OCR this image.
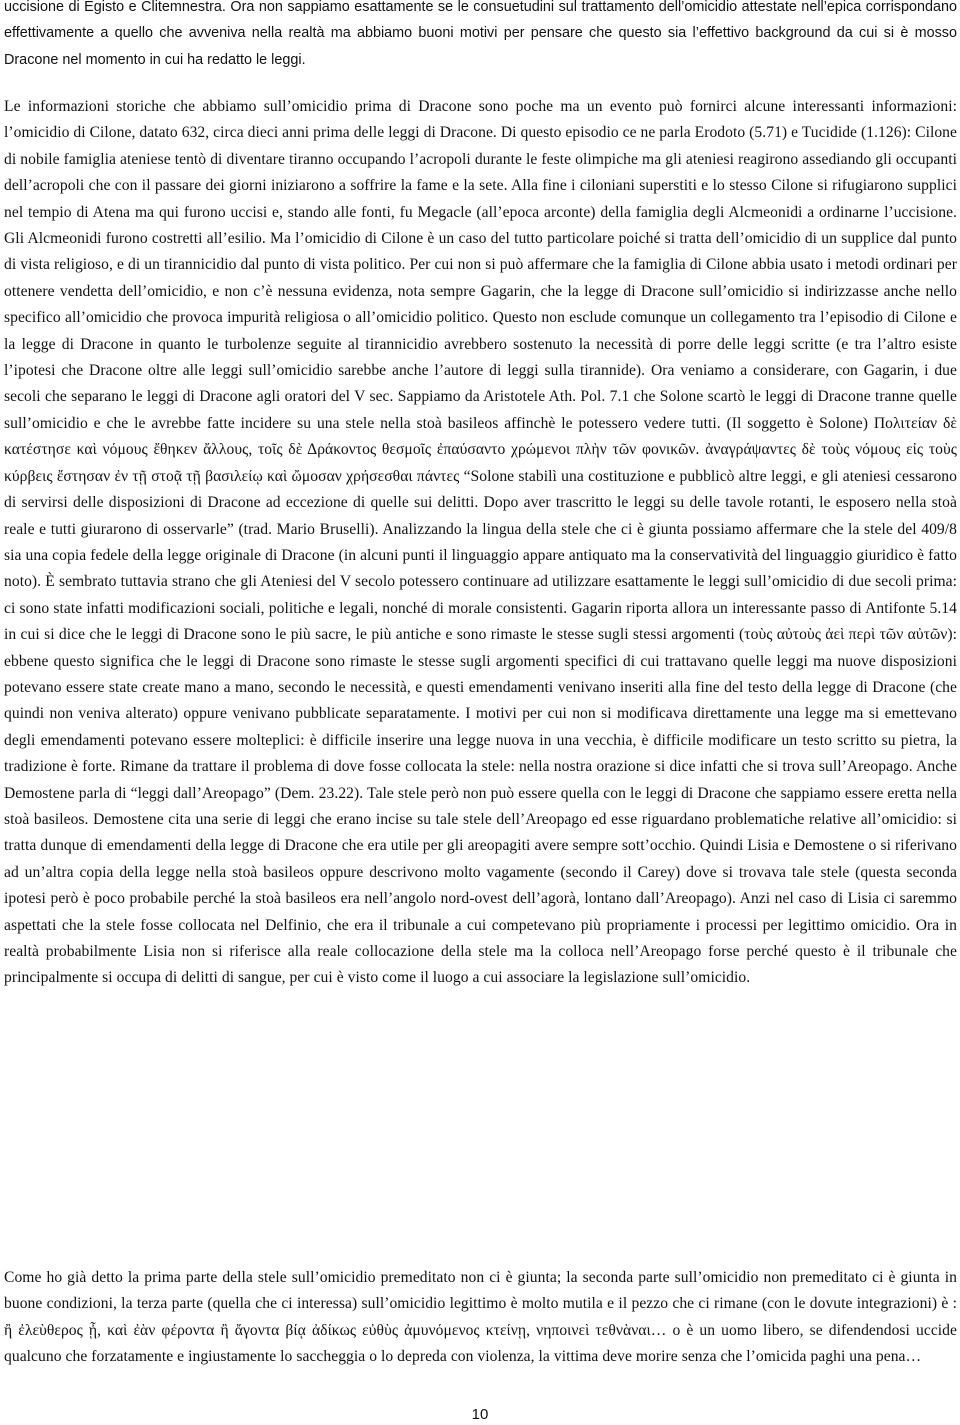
uccisione di Egisto e Clitemnestra. Ora non sappiamo esattamente se le consuetudini sul trattamento dell’omicidio attestate nell’epica corrispondano effettivamente a quello che avveniva nella realtà ma abbiamo buoni motivi per pensare che questo sia l’effettivo background da cui si è mosso Dracone nel momento in cui ha redatto le leggi.

Le informazioni storiche che abbiamo sull’omicidio prima di Dracone sono poche ma un evento può fornirci alcune interessanti informazioni: l’omicidio di Cilone, datato 632, circa dieci anni prima delle leggi di Dracone. Di questo episodio ce ne parla Erodoto (5.71) e Tucidide (1.126): Cilone di nobile famiglia ateniese tentò di diventare tiranno occupando l’acropoli durante le feste olimpiche ma gli ateniesi reagirono assediando gli occupanti dell’acropoli che con il passare dei giorni iniziarono a soffrire la fame e la sete. Alla fine i ciloniani superstiti e lo stesso Cilone si rifugiarono supplici nel tempio di Atena ma qui furono uccisi e, stando alle fonti, fu Megacle (all’epoca arconte) della famiglia degli Alcmeonidi a ordinarne l’uccisione. Gli Alcmeonidi furono costretti all’esilio. Ma l’omicidio di Cilone è un caso del tutto particolare poiché si tratta dell’omicidio di un supplice dal punto di vista religioso, e di un tirannicidio dal punto di vista politico. Per cui non si può affermare che la famiglia di Cilone abbia usato i metodi ordinari per ottenere vendetta dell’omicidio, e non c’è nessuna evidenza, nota sempre Gagarin, che la legge di Dracone sull’omicidio si indirizzasse anche nello specifico all’omicidio che provoca impurità religiosa o all’omicidio politico. Questo non esclude comunque un collegamento tra l’episodio di Cilone e la legge di Dracone in quanto le turbolenze seguite al tirannicidio avrebbero sostenuto la necessità di porre delle leggi scritte (e tra l’altro esiste l’ipotesi che Dracone oltre alle leggi sull’omicidio sarebbe anche l’autore di leggi sulla tirannide). Ora veniamo a considerare, con Gagarin, i due secoli che separano le leggi di Dracone agli oratori del V sec. Sappiamo da Aristotele Ath. Pol. 7.1 che Solone scartò le leggi di Dracone tranne quelle sull’omicidio e che le avrebbe fatte incidere su una stele nella stoà basileos affinchè le potessero vedere tutti. (Il soggetto è Solone) Πολιτείαν δὲ κατέστησε καὶ νόμους ἔθηκεν ἄλλους, τοῖς δὲ Δράκοντος θεσμοῖς ἐπαύσαντο χρώμενοι πλὴν τῶν φονικῶν. ἀναγράψαντες δὲ τοὺς νόμους εἰς τοὺς κύρβεις ἔστησαν ἐν τῇ στοᾷ τῇ βασιλείῳ καὶ ὤμοσαν χρήσεσθαι πάντες “Solone stabilì una costituzione e pubblicò altre leggi, e gli ateniesi cessarono di servirsi delle disposizioni di Dracone ad eccezione di quelle sui delitti. Dopo aver trascritto le leggi su delle tavole rotanti, le esposero nella stoà reale e tutti giurarono di osservarle” (trad. Mario Bruselli). Analizzando la lingua della stele che ci è giunta possiamo affermare che la stele del 409/8 sia una copia fedele della legge originale di Dracone (in alcuni punti il linguaggio appare antiquato ma la conservatività del linguaggio giuridico è fatto noto). È sembrato tuttavia strano che gli Ateniesi del V secolo potessero continuare ad utilizzare esattamente le leggi sull’omicidio di due secoli prima: ci sono state infatti modificazioni sociali, politiche e legali, nonché di morale consistenti. Gagarin riporta allora un interessante passo di Antifonte 5.14 in cui si dice che le leggi di Dracone sono le più sacre, le più antiche e sono rimaste le stesse sugli stessi argomenti (τοὺς αὐτοὺς ἀεὶ περὶ τῶν αὐτῶν): ebbene questo significa che le leggi di Dracone sono rimaste le stesse sugli argomenti specifici di cui trattavano quelle leggi ma nuove disposizioni potevano essere state create mano a mano, secondo le necessità, e questi emendamenti venivano inseriti alla fine del testo della legge di Dracone (che quindi non veniva alterato) oppure venivano pubblicate separatamente. I motivi per cui non si modificava direttamente una legge ma si emettevano degli emendamenti potevano essere molteplici: è difficile inserire una legge nuova in una vecchia, è difficile modificare un testo scritto su pietra, la tradizione è forte. Rimane da trattare il problema di dove fosse collocata la stele: nella nostra orazione si dice infatti che si trova sull’Areopago. Anche Demostene parla di “leggi dall’Areopago” (Dem. 23.22). Tale stele però non può essere quella con le leggi di Dracone che sappiamo essere eretta nella stoà basileos. Demostene cita una serie di leggi che erano incise su tale stele dell’Areopago ed esse riguardano problematiche relative all’omicidio: si tratta dunque di emendamenti della legge di Dracone che era utile per gli areopagiti avere sempre sott’occhio. Quindi Lisia e Demostene o si riferivano ad un’altra copia della legge nella stoà basileos oppure descrivono molto vagamente (secondo il Carey) dove si trovava tale stele (questa seconda ipotesi però è poco probabile perché la stoà basileos era nell’angolo nord-ovest dell’agorà, lontano dall’Areopago). Anzi nel caso di Lisia ci saremmo aspettati che la stele fosse collocata nel Delfinio, che era il tribunale a cui competevano più propriamente i processi per legittimo omicidio. Ora in realtà probabilmente Lisia non si riferisce alla reale collocazione della stele ma la colloca nell’Areopago forse perché questo è il tribunale che principalmente si occupa di delitti di sangue, per cui è visto come il luogo a cui associare la legislazione sull’omicidio.

Come ho già detto la prima parte della stele sull’omicidio premeditato non ci è giunta; la seconda parte sull’omicidio non premeditato ci è giunta in buone condizioni, la terza parte (quella che ci interessa) sull’omicidio legittimo è molto mutila e il pezzo che ci rimane (con le dovute integrazioni) è : ἢ ἐλεὺθερος ᾖ, καὶ ἐὰν φέροντα ἢ ἄγοντα βίᾳ ἀδίκως εὐθὺς ἀμυνόμενος κτείνῃ, νηποινεὶ τεθνὰναι… o è un uomo libero, se difendendosi uccide qualcuno che forzatamente e ingiustamente lo saccheggia o lo depreda con violenza, la vittima deve morire senza che l’omicida paghi una pena…

10
